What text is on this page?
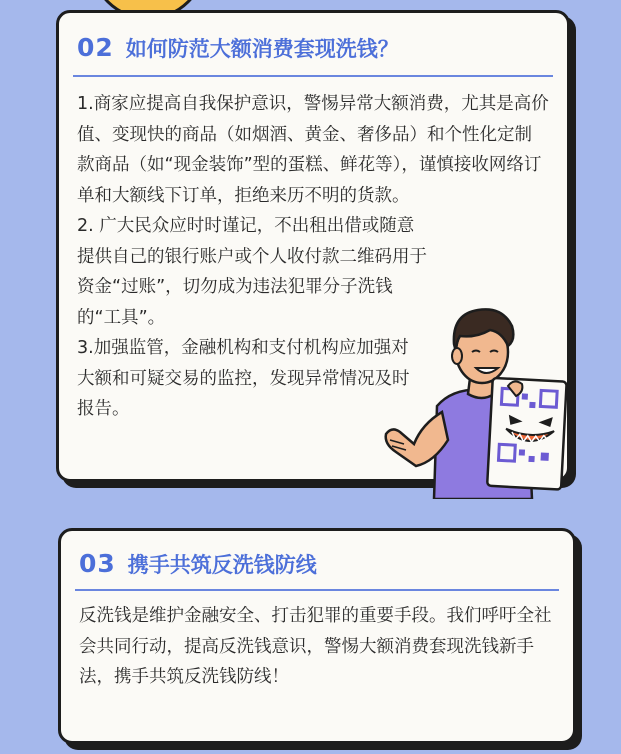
02 如何防范大额消费套现洗钱？
1.商家应提高自我保护意识，警惕异常大额消费，尤其是高价值、变现快的商品（如烟酒、黄金、奢侈品）和个性化定制款商品（如“现金装饰”型的蛋糕、鲜花等），谨慎接收网络订单和大额线下订单，拒绝来历不明的货款。
2. 广大民众应时时谨记，不出租出借或随意提供自己的银行账户或个人收付款二维码用于资金“过账”，切勿成为违法犯罪分子洗钱的“工具”。
3.加强监管，金融机构和支付机构应加强对大额和可疑交易的监控，发现异常情况及时报告。
03 携手共筑反洗钱防线
反洗钱是维护金融安全、打击犯罪的重要手段。我们呼吁全社会共同行动，提高反洗钱意识，警惕大额消费套现洗钱新手法，携手共筑反洗钱防线！
